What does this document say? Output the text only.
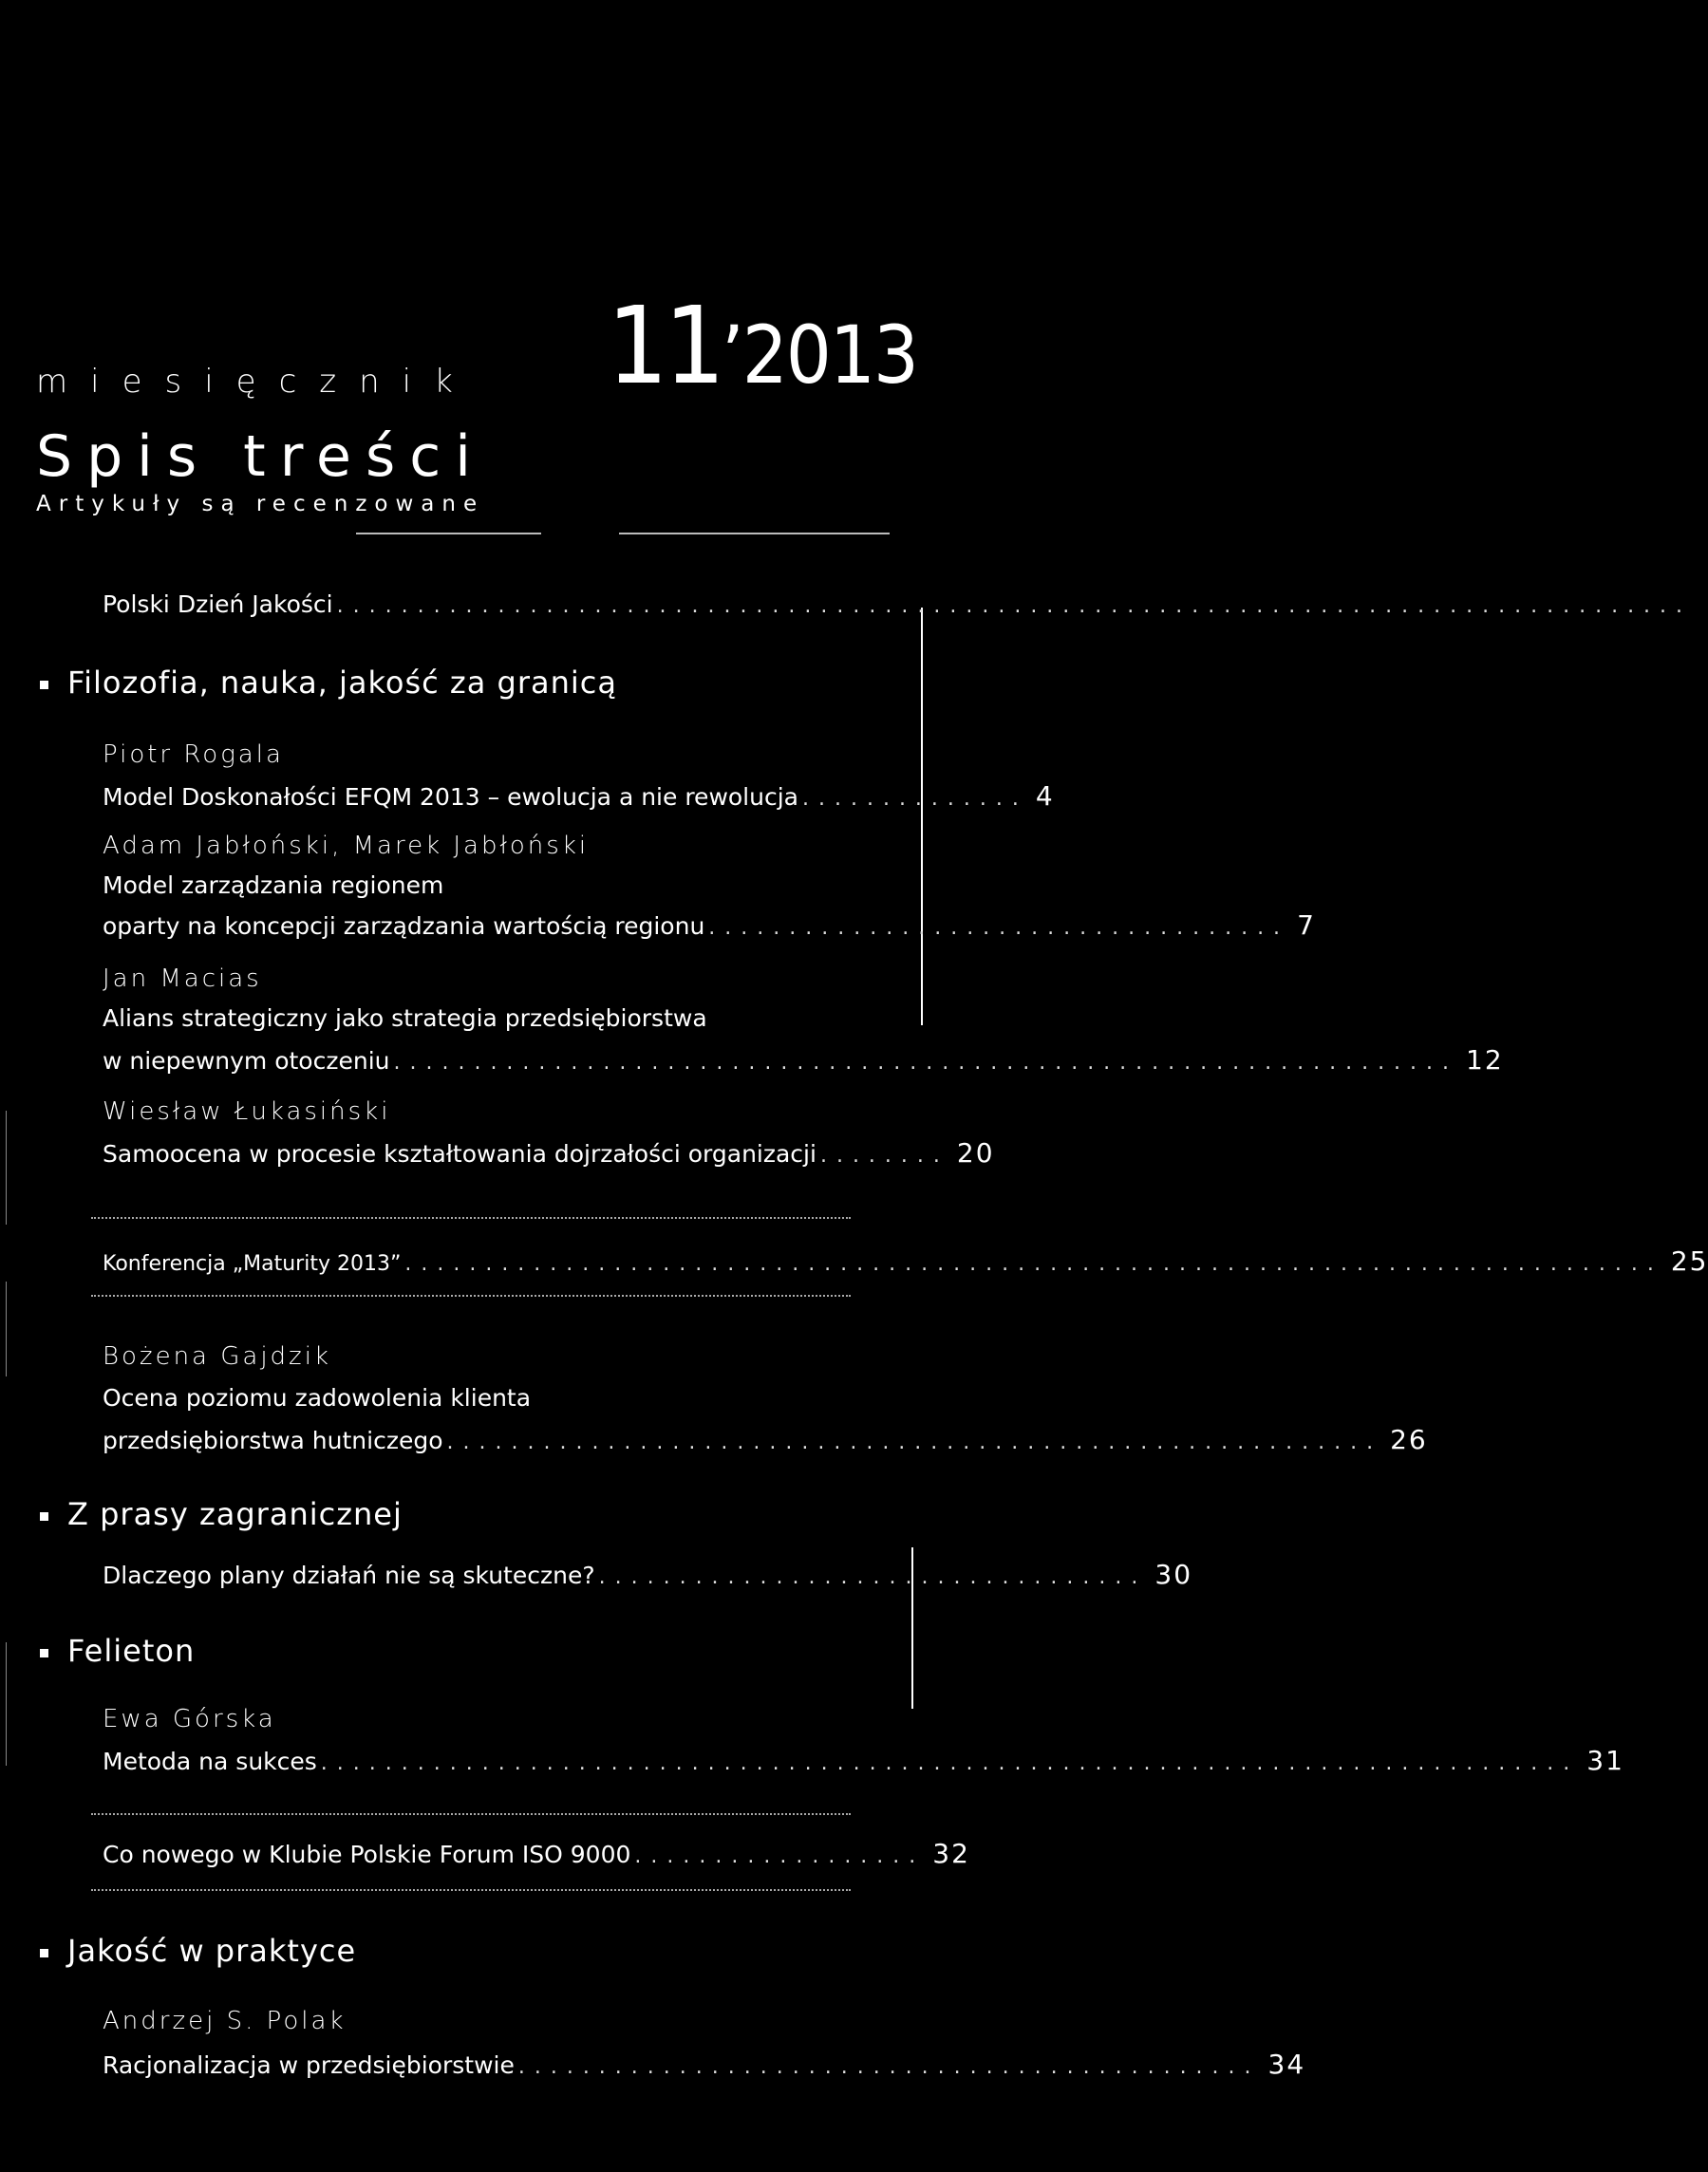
miesięcznik 11’2013
Spis treści
Artykuły są recenzowane
Polski Dzień Jakości ....................................................................................
Filozofia, nauka, jakość za granicą
Piotr Rogala
Model Doskonałości EFQM 2013 – ewolucja a nie rewolucja .............. 4
Adam Jabłoński, Marek Jabłoński
Model zarządzania regionem
oparty na koncepcji zarządzania wartością regionu .................................... 7
Jan Macias
Alians strategiczny jako strategia przedsiębiorstwa
w niepewnym otoczeniu .................................................................. 12
Wiesław Łukasiński
Samoocena w procesie kształtowania dojrzałości organizacji ........ 20
Konferencja „Maturity 2013” .............................................................................. 25
Bożena Gajdzik
Ocena poziomu zadowolenia klienta
przedsiębiorstwa hutniczego .......................................................... 26
Z prasy zagranicznej
Dlaczego plany działań nie są skuteczne? .................................. 30
Felieton
Ewa Górska
Metoda na sukces .............................................................................. 31
Co nowego w Klubie Polskie Forum ISO 9000 .................. 32
Jakość w praktyce
Andrzej S. Polak
Racjonalizacja w przedsiębiorstwie .............................................. 34
